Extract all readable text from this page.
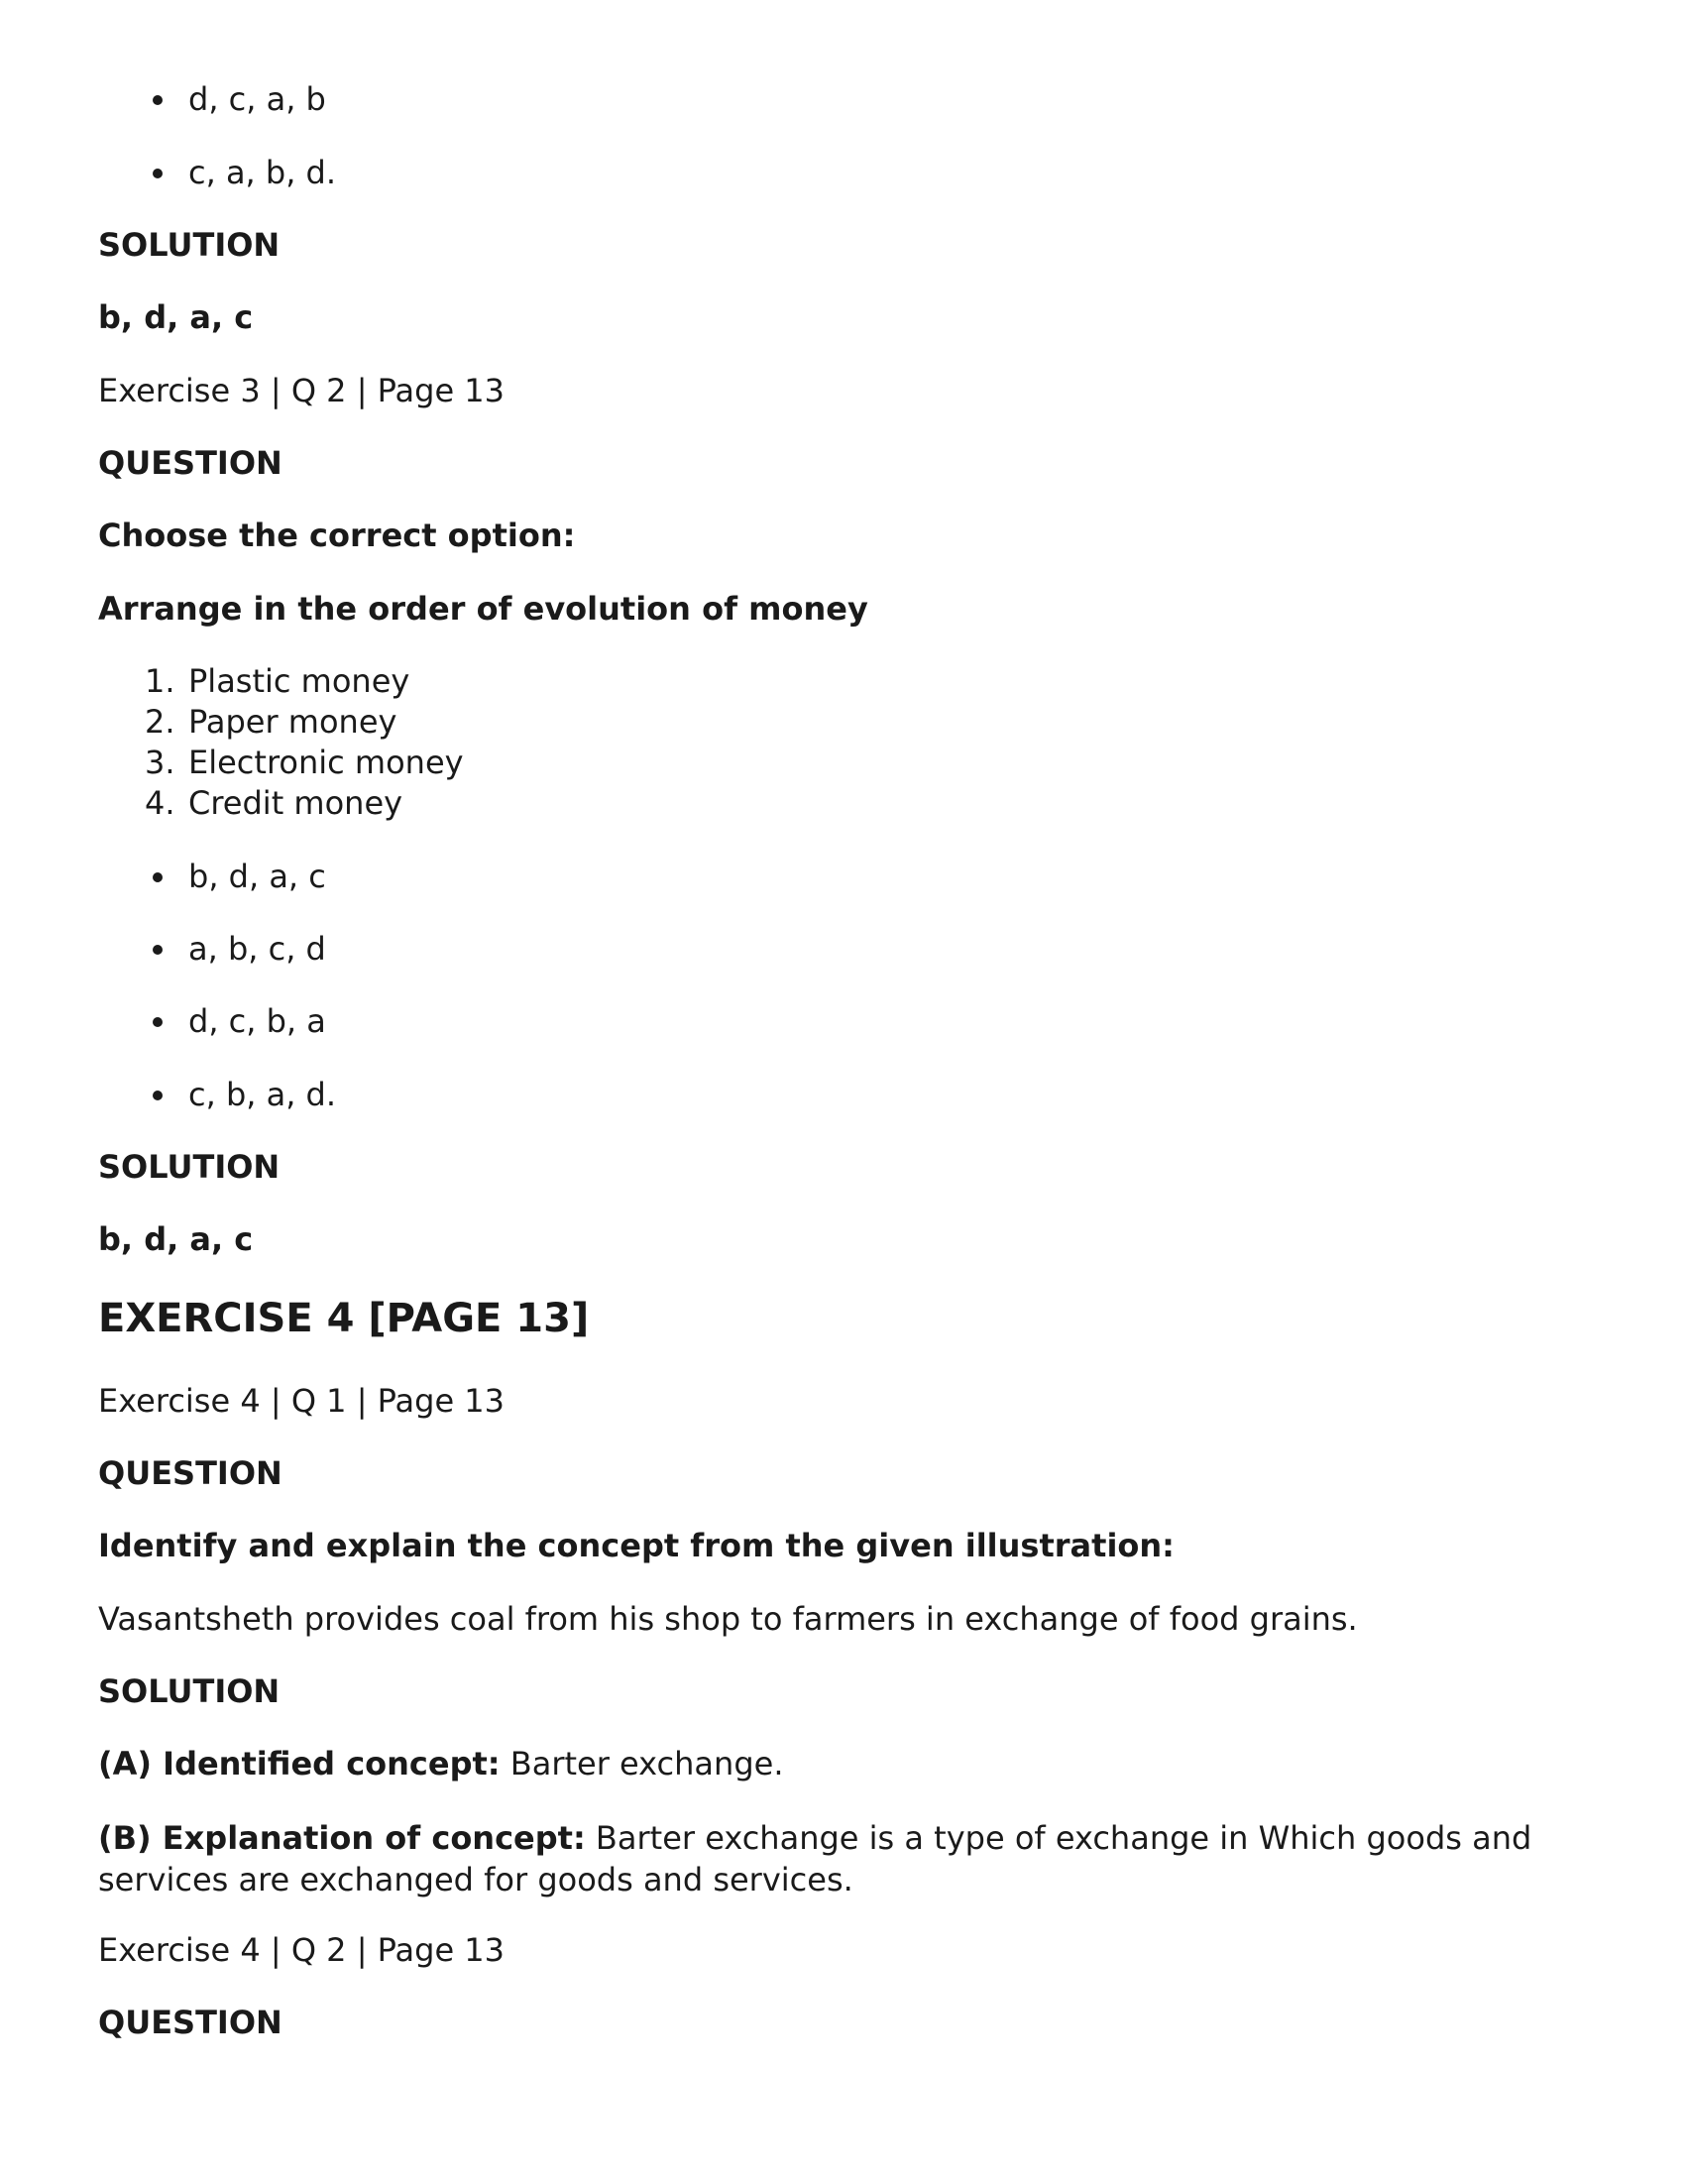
d, c, a, b

c, a, b, d.

SOLUTION

b, d, a, c

Exercise 3 | Q 2 | Page 13

QUESTION

Choose the correct option:

Arrange in the order of evolution of money

1. Plastic money

2. Paper money

3. Electronic money

4. Credit money

b, d, a, c

a, b, c, d

d, c, b, a

c, b, a, d.

SOLUTION

b, d, a, c

EXERCISE 4 [PAGE 13]

Exercise 4 | Q 1 | Page 13

QUESTION

Identify and explain the concept from the given illustration:

Vasantsheth provides coal from his shop to farmers in exchange of food grains.

SOLUTION

(A) Identified concept: Barter exchange.

(B) Explanation of concept: Barter exchange is a type of exchange in Which goods and services are exchanged for goods and services.

Exercise 4 | Q 2 | Page 13

QUESTION
